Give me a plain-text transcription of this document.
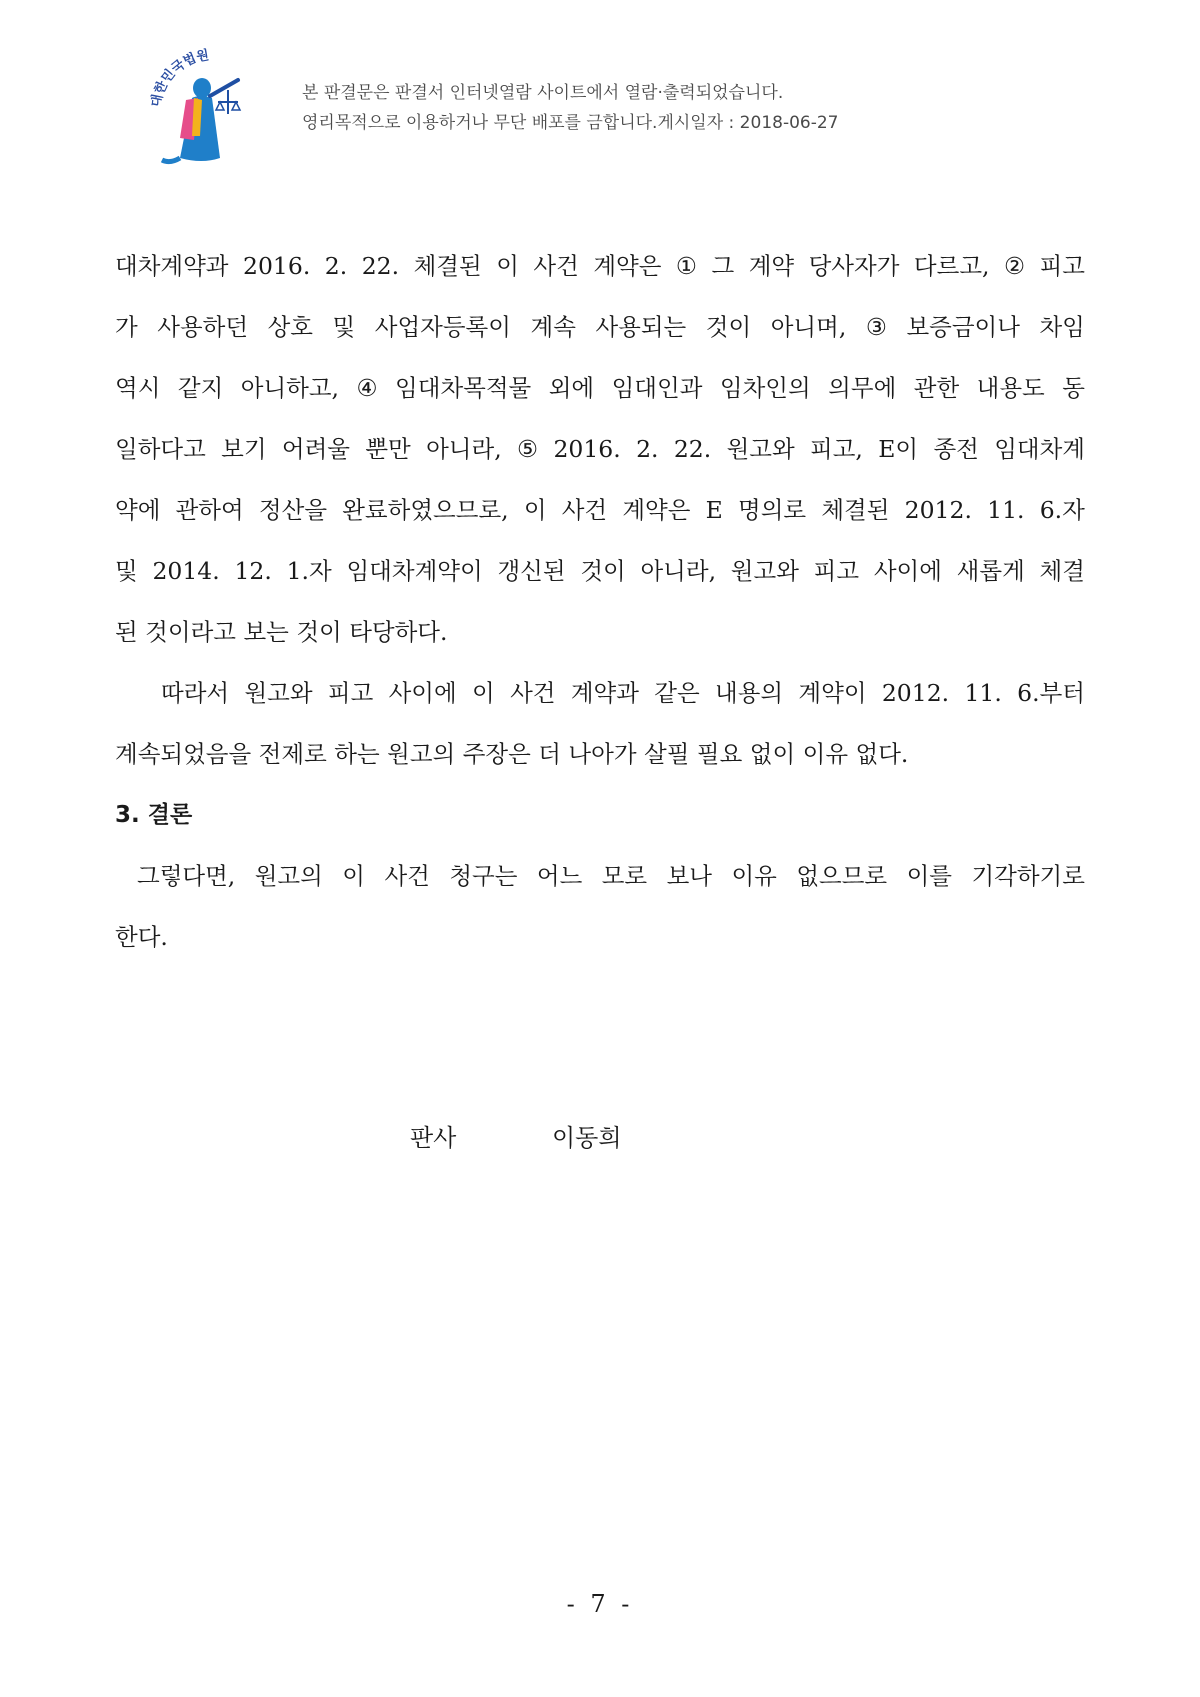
대한민국법원
본 판결문은 판결서 인터넷열람 사이트에서 열람·출력되었습니다.
영리목적으로 이용하거나 무단 배포를 금합니다.게시일자 : 2018-06-27
대차계약과 2016. 2. 22. 체결된 이 사건 계약은 ① 그 계약 당사자가 다르고, ② 피고
가 사용하던 상호 및 사업자등록이 계속 사용되는 것이 아니며, ③ 보증금이나 차임
역시 같지 아니하고, ④ 임대차목적물 외에 임대인과 임차인의 의무에 관한 내용도 동
일하다고 보기 어려울 뿐만 아니라, ⑤ 2016. 2. 22. 원고와 피고, E이 종전 임대차계
약에 관하여 정산을 완료하였으므로, 이 사건 계약은 E 명의로 체결된 2012. 11. 6.자
및 2014. 12. 1.자 임대차계약이 갱신된 것이 아니라, 원고와 피고 사이에 새롭게 체결
된 것이라고 보는 것이 타당하다.
따라서 원고와 피고 사이에 이 사건 계약과 같은 내용의 계약이 2012. 11. 6.부터
계속되었음을 전제로 하는 원고의 주장은 더 나아가 살필 필요 없이 이유 없다.
3. 결론
그렇다면, 원고의 이 사건 청구는 어느 모로 보나 이유 없으므로 이를 기각하기로
한다.
판사	이동희
- 7 -
